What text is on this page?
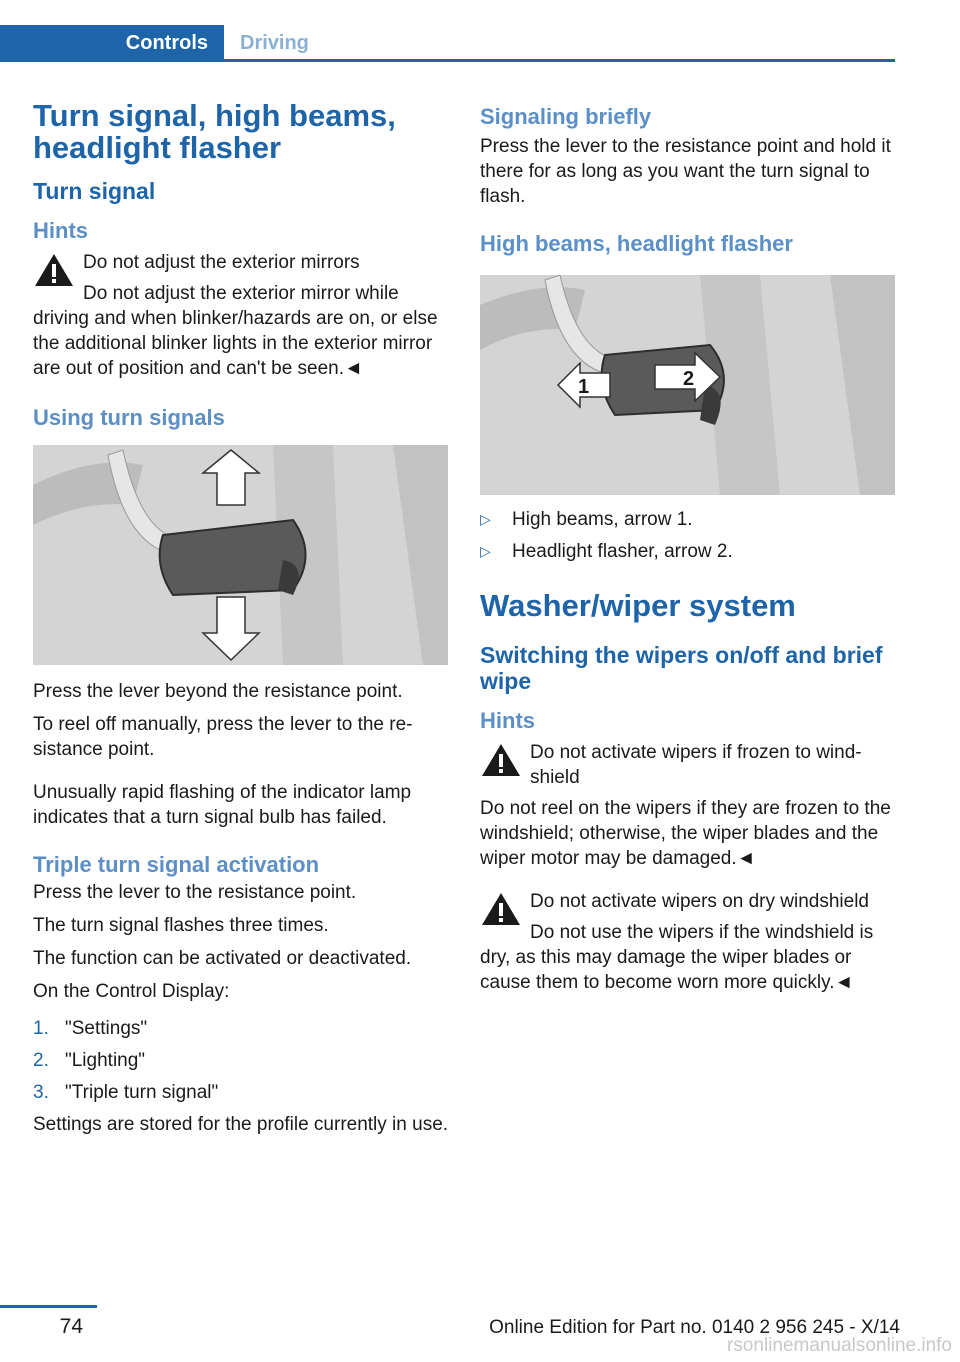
Controls	Driving
Turn signal, high beams, headlight flasher
Turn signal
Hints

Do not adjust the exterior mirrors

Do not adjust the exterior mirror while driving and when blinker/hazards are on, or else the additional blinker lights in the exterior mirror are out of position and can't be seen.◄

Using turn signals

Press the lever beyond the resistance point.

To reel off manually, press the lever to the re-sistance point.

Unusually rapid flashing of the indicator lamp indicates that a turn signal bulb has failed.

Triple turn signal activation

Press the lever to the resistance point.

The turn signal flashes three times.

The function can be activated or deactivated.

On the Control Display:

1. "Settings"
2. "Lighting"
3. "Triple turn signal"

Settings are stored for the profile currently in use.

Signaling briefly

Press the lever to the resistance point and hold it there for as long as you want the turn signal to flash.

High beams, headlight flasher
1	2
▷	High beams, arrow 1.
▷	Headlight flasher, arrow 2.
Washer/wiper system
Switching the wipers on/off and brief wipe
Hints

Do not activate wipers if frozen to wind-shield

Do not reel on the wipers if they are frozen to the windshield; otherwise, the wiper blades and the wiper motor may be damaged.◄

Do not activate wipers on dry windshield

Do not use the wipers if the windshield is dry, as this may damage the wiper blades or cause them to become worn more quickly.◄

74	Online Edition for Part no. 0140 2 956 245 - X/14
rsonlinemanualsonline.info
